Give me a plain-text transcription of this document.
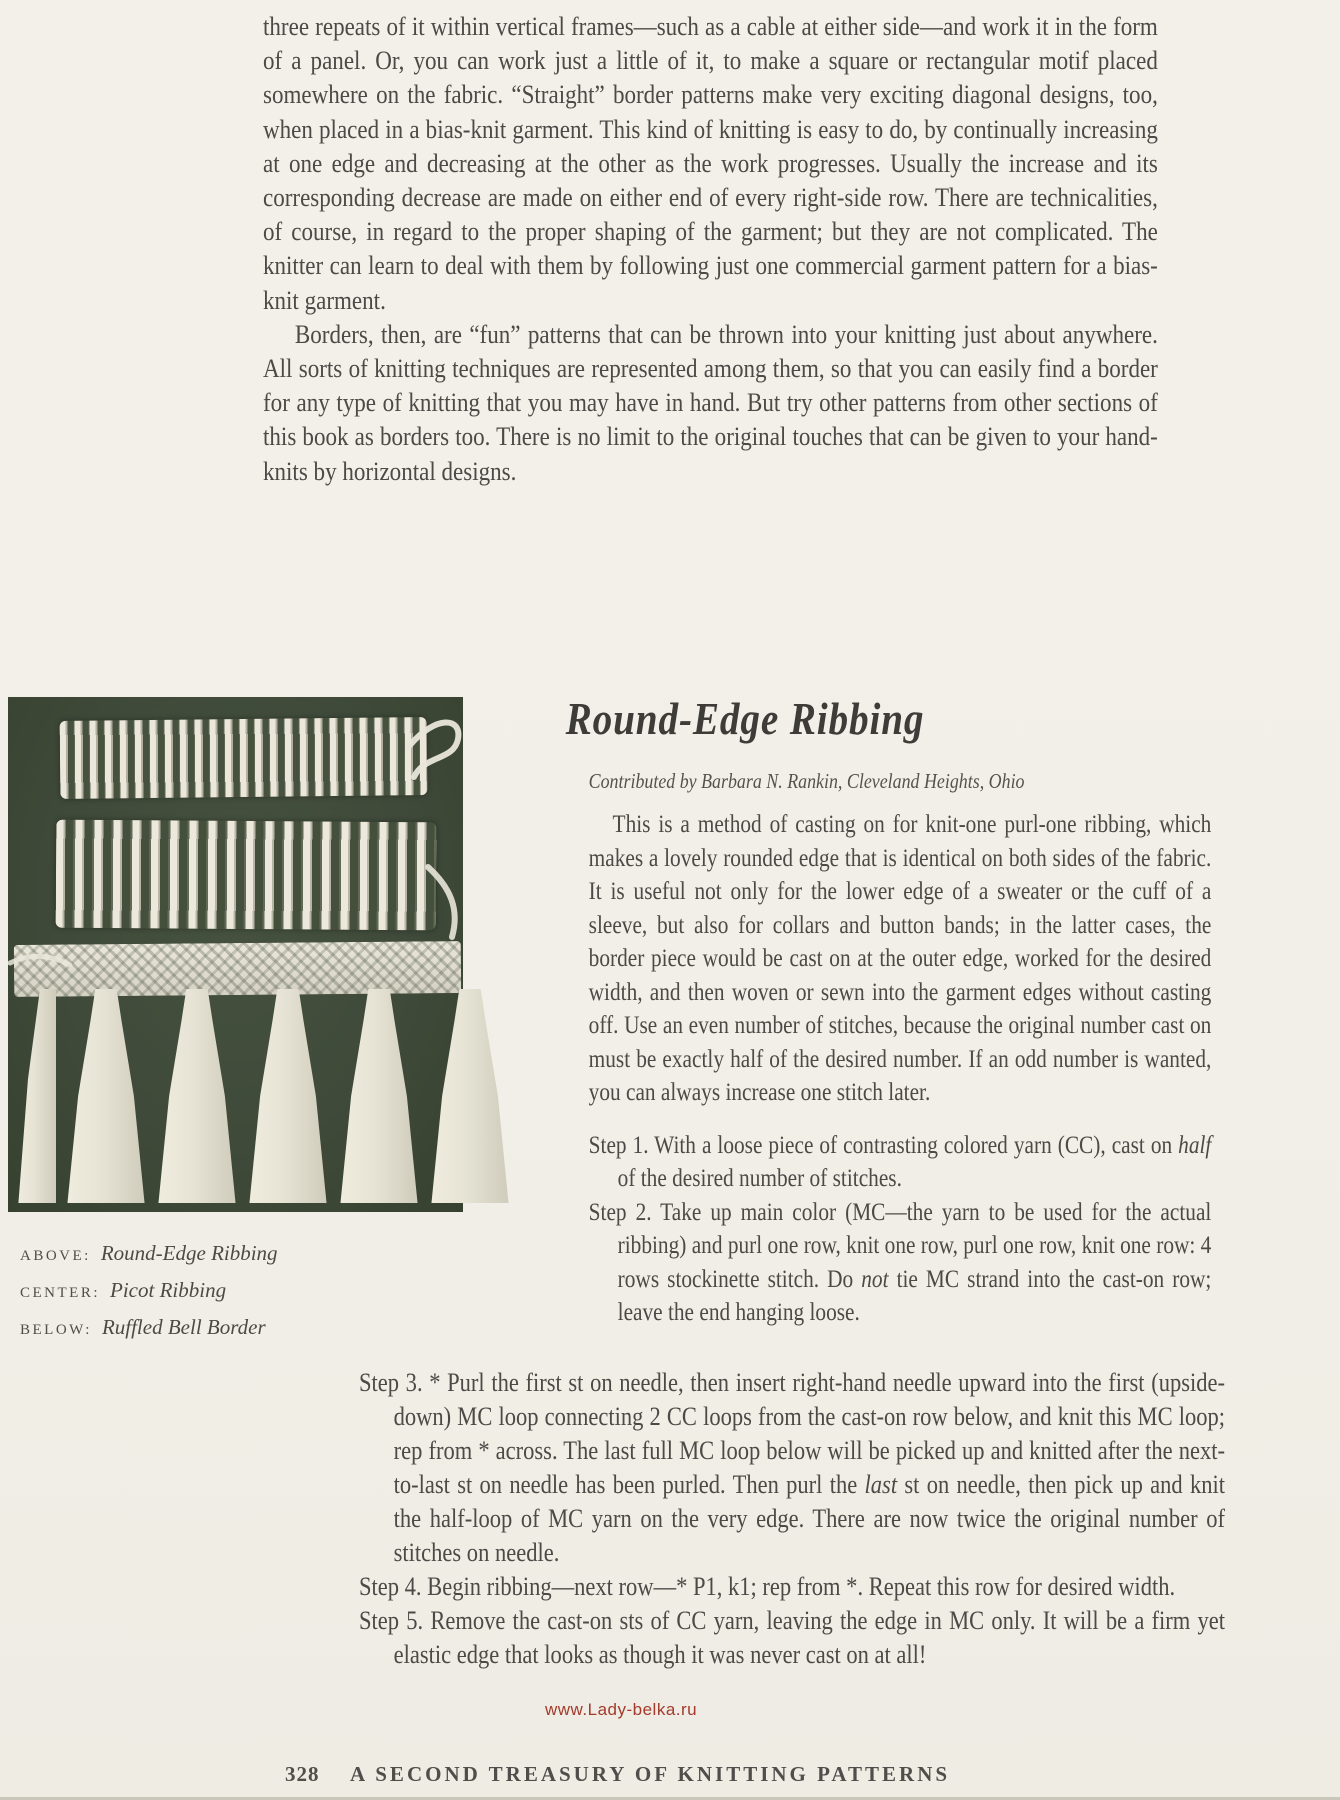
three repeats of it within vertical frames—such as a cable at either side—and work it in the form of a panel. Or, you can work just a little of it, to make a square or rectangular motif placed somewhere on the fabric. “Straight” border patterns make very exciting diagonal designs, too, when placed in a bias-knit garment. This kind of knitting is easy to do, by continually increasing at one edge and decreasing at the other as the work progresses. Usually the increase and its corresponding decrease are made on either end of every right-side row. There are technicalities, of course, in regard to the proper shaping of the garment; but they are not complicated. The knitter can learn to deal with them by following just one commercial garment pattern for a bias-knit garment.

Borders, then, are “fun” patterns that can be thrown into your knitting just about anywhere. All sorts of knitting techniques are represented among them, so that you can easily find a border for any type of knitting that you may have in hand. But try other patterns from other sections of this book as borders too. There is no limit to the original touches that can be given to your hand-knits by horizontal designs.

ABOVE: Round-Edge Ribbing
CENTER: Picot Ribbing
BELOW: Ruffled Bell Border
Round-Edge Ribbing

Contributed by Barbara N. Rankin, Cleveland Heights, Ohio

This is a method of casting on for knit-one purl-one ribbing, which makes a lovely rounded edge that is identical on both sides of the fabric. It is useful not only for the lower edge of a sweater or the cuff of a sleeve, but also for collars and button bands; in the latter cases, the border piece would be cast on at the outer edge, worked for the desired width, and then woven or sewn into the garment edges without casting off. Use an even number of stitches, because the original number cast on must be exactly half of the desired number. If an odd number is wanted, you can always increase one stitch later.

Step 1. With a loose piece of contrasting colored yarn (CC), cast on half of the desired number of stitches.

Step 2. Take up main color (MC—the yarn to be used for the actual ribbing) and purl one row, knit one row, purl one row, knit one row: 4 rows stockinette stitch. Do not tie MC strand into the cast-on row; leave the end hanging loose.

Step 3. * Purl the first st on needle, then insert right-hand needle upward into the first (upside-down) MC loop connecting 2 CC loops from the cast-on row below, and knit this MC loop; rep from * across. The last full MC loop below will be picked up and knitted after the next-to-last st on needle has been purled. Then purl the last st on needle, then pick up and knit the half-loop of MC yarn on the very edge. There are now twice the original number of stitches on needle.

Step 4. Begin ribbing—next row—* P1, k1; rep from *. Repeat this row for desired width.

Step 5. Remove the cast-on sts of CC yarn, leaving the edge in MC only. It will be a firm yet elastic edge that looks as though it was never cast on at all!

www.Lady-belka.ru
328 A SECOND TREASURY OF KNITTING PATTERNS
